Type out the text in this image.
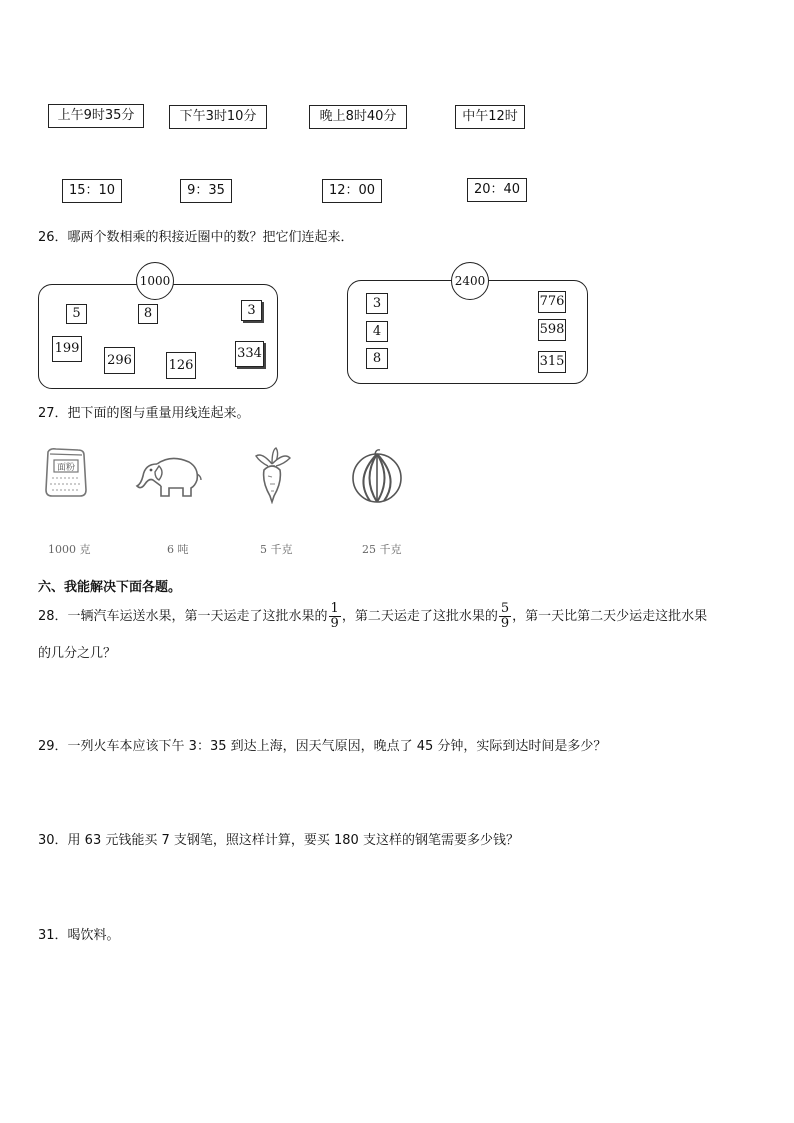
上午9时35分	下午3时10分	晚上8时40分	中午12时
15：10	9：35	12：00	20：40
26．哪两个数相乘的积接近圈中的数？把它们连起来．
1000
5	8	3
199
296	126
334
2400
3
4
8
776
598
315
27．把下面的图与重量用线连起来。
面粉
1000 克	6 吨	5 千克	25 千克
六、我能解决下面各题。
28．一辆汽车运送水果，第一天运走了这批水果的 $\frac{1}{9}$ ，第二天运走了这批水果的 $\frac{5}{9}$ ，第一天比第二天少运走这批水果
的几分之几？
29．一列火车本应该下午 3：35 到达上海，因天气原因，晚点了 45 分钟，实际到达时间是多少？
30．用 63 元钱能买 7 支钢笔，照这样计算，要买 180 支这样的钢笔需要多少钱？
31．喝饮料。
